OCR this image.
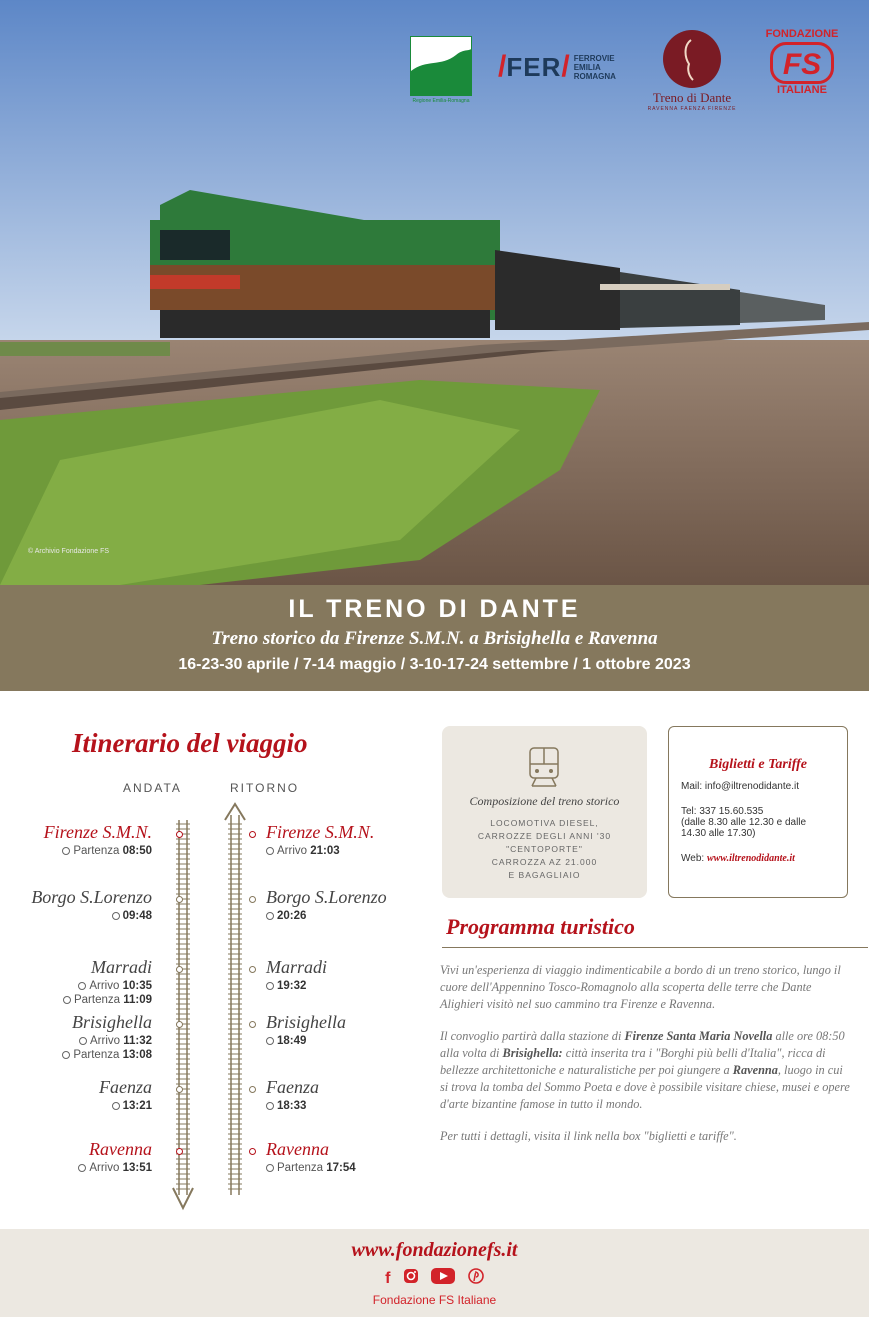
© Archivio Fondazione FS
Regione Emilia-Romagna
/ FER / FERROVIE
EMILIA
ROMAGNA
Treno di Dante
RAVENNA FAENZA FIRENZE
FONDAZIONE
FS
ITALIANE
IL TRENO DI DANTE
Treno storico da Firenze S.M.N. a Brisighella e Ravenna
16-23-30 aprile / 7-14 maggio / 3-10-17-24 settembre / 1 ottobre 2023
Itinerario del viaggio
ANDATA	RITORNO
Firenze S.M.N.
Partenza 08:50
Borgo S.Lorenzo
09:48
Marradi
Arrivo 10:35
Partenza 11:09
Brisighella
Arrivo 11:32
Partenza 13:08
Faenza
13:21
Ravenna
Arrivo 13:51
Firenze S.M.N.
Arrivo 21:03
Borgo S.Lorenzo
20:26
Marradi
19:32
Brisighella
18:49
Faenza
18:33
Ravenna
Partenza 17:54
Composizione del treno storico
LOCOMOTIVA DIESEL,
CARROZZE DEGLI ANNI '30
"CENTOPORTE"
CARROZZA AZ 21.000
E BAGAGLIAIO
Biglietti e Tariffe
Mail: info@iltrenodidante.it
Tel: 337 15.60.535
(dalle 8.30 alle 12.30 e dalle
14.30 alle 17.30)
Web: www.iltrenodidante.it
Programma turistico

Vivi un'esperienza di viaggio indimenticabile a bordo di un treno storico, lungo il cuore dell'Appennino Tosco-Romagnolo alla scoperta delle terre che Dante Alighieri visitò nel suo cammino tra Firenze e Ravenna.

Il convoglio partirà dalla stazione di Firenze Santa Maria Novella alle ore 08:50 alla volta di Brisighella: città inserita tra i "Borghi più belli d'Italia", ricca di bellezze architettoniche e naturalistiche per poi giungere a Ravenna, luogo in cui si trova la tomba del Sommo Poeta e dove è possibile visitare chiese, musei e opere d'arte bizantine famose in tutto il mondo.

Per tutti i dettagli, visita il link nella box "biglietti e tariffe".

www.fondazionefs.it
f
Fondazione FS Italiane
